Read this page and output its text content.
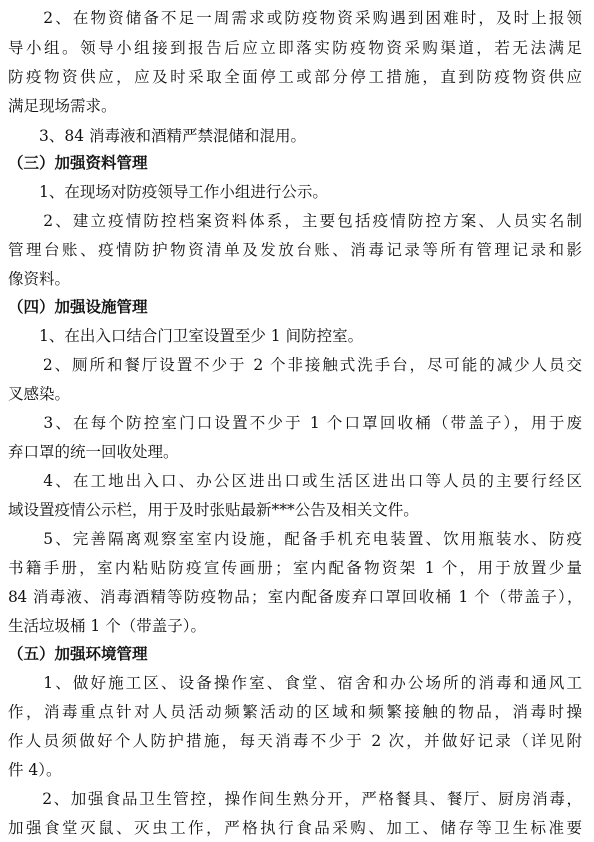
　　2、在物资储备不足一周需求或防疫物资采购遇到困难时，及时上报领
导小组。领导小组接到报告后应立即落实防疫物资采购渠道，若无法满足
防疫物资供应，应及时采取全面停工或部分停工措施，直到防疫物资供应
满足现场需求。
　　3、84 消毒液和酒精严禁混储和混用。
（三）加强资料管理
　　1、在现场对防疫领导工作小组进行公示。
　　2、建立疫情防控档案资料体系，主要包括疫情防控方案、人员实名制
管理台账、疫情防护物资清单及发放台账、消毒记录等所有管理记录和影
像资料。
（四）加强设施管理
　　1、在出入口结合门卫室设置至少 1 间防控室。
　　2、厕所和餐厅设置不少于 2 个非接触式洗手台，尽可能的减少人员交
叉感染。
　　3、在每个防控室门口设置不少于 1 个口罩回收桶（带盖子），用于废
弃口罩的统一回收处理。
　　4、在工地出入口、办公区进出口或生活区进出口等人员的主要行经区
域设置疫情公示栏，用于及时张贴最新***公告及相关文件。
　　5、完善隔离观察室室内设施，配备手机充电装置、饮用瓶装水、防疫
书籍手册，室内粘贴防疫宣传画册；室内配备物资架 1 个，用于放置少量
84 消毒液、消毒酒精等防疫物品；室内配备废弃口罩回收桶 1 个（带盖子），
生活垃圾桶 1 个（带盖子）。
（五）加强环境管理
　　1、做好施工区、设备操作室、食堂、宿舍和办公场所的消毒和通风工
作，消毒重点针对人员活动频繁活动的区域和频繁接触的物品，消毒时操
作人员须做好个人防护措施，每天消毒不少于 2 次，并做好记录（详见附
件 4）。
　　2、加强食品卫生管控，操作间生熟分开，严格餐具、餐厅、厨房消毒，
加强食堂灭鼠、灭虫工作，严格执行食品采购、加工、储存等卫生标准要
